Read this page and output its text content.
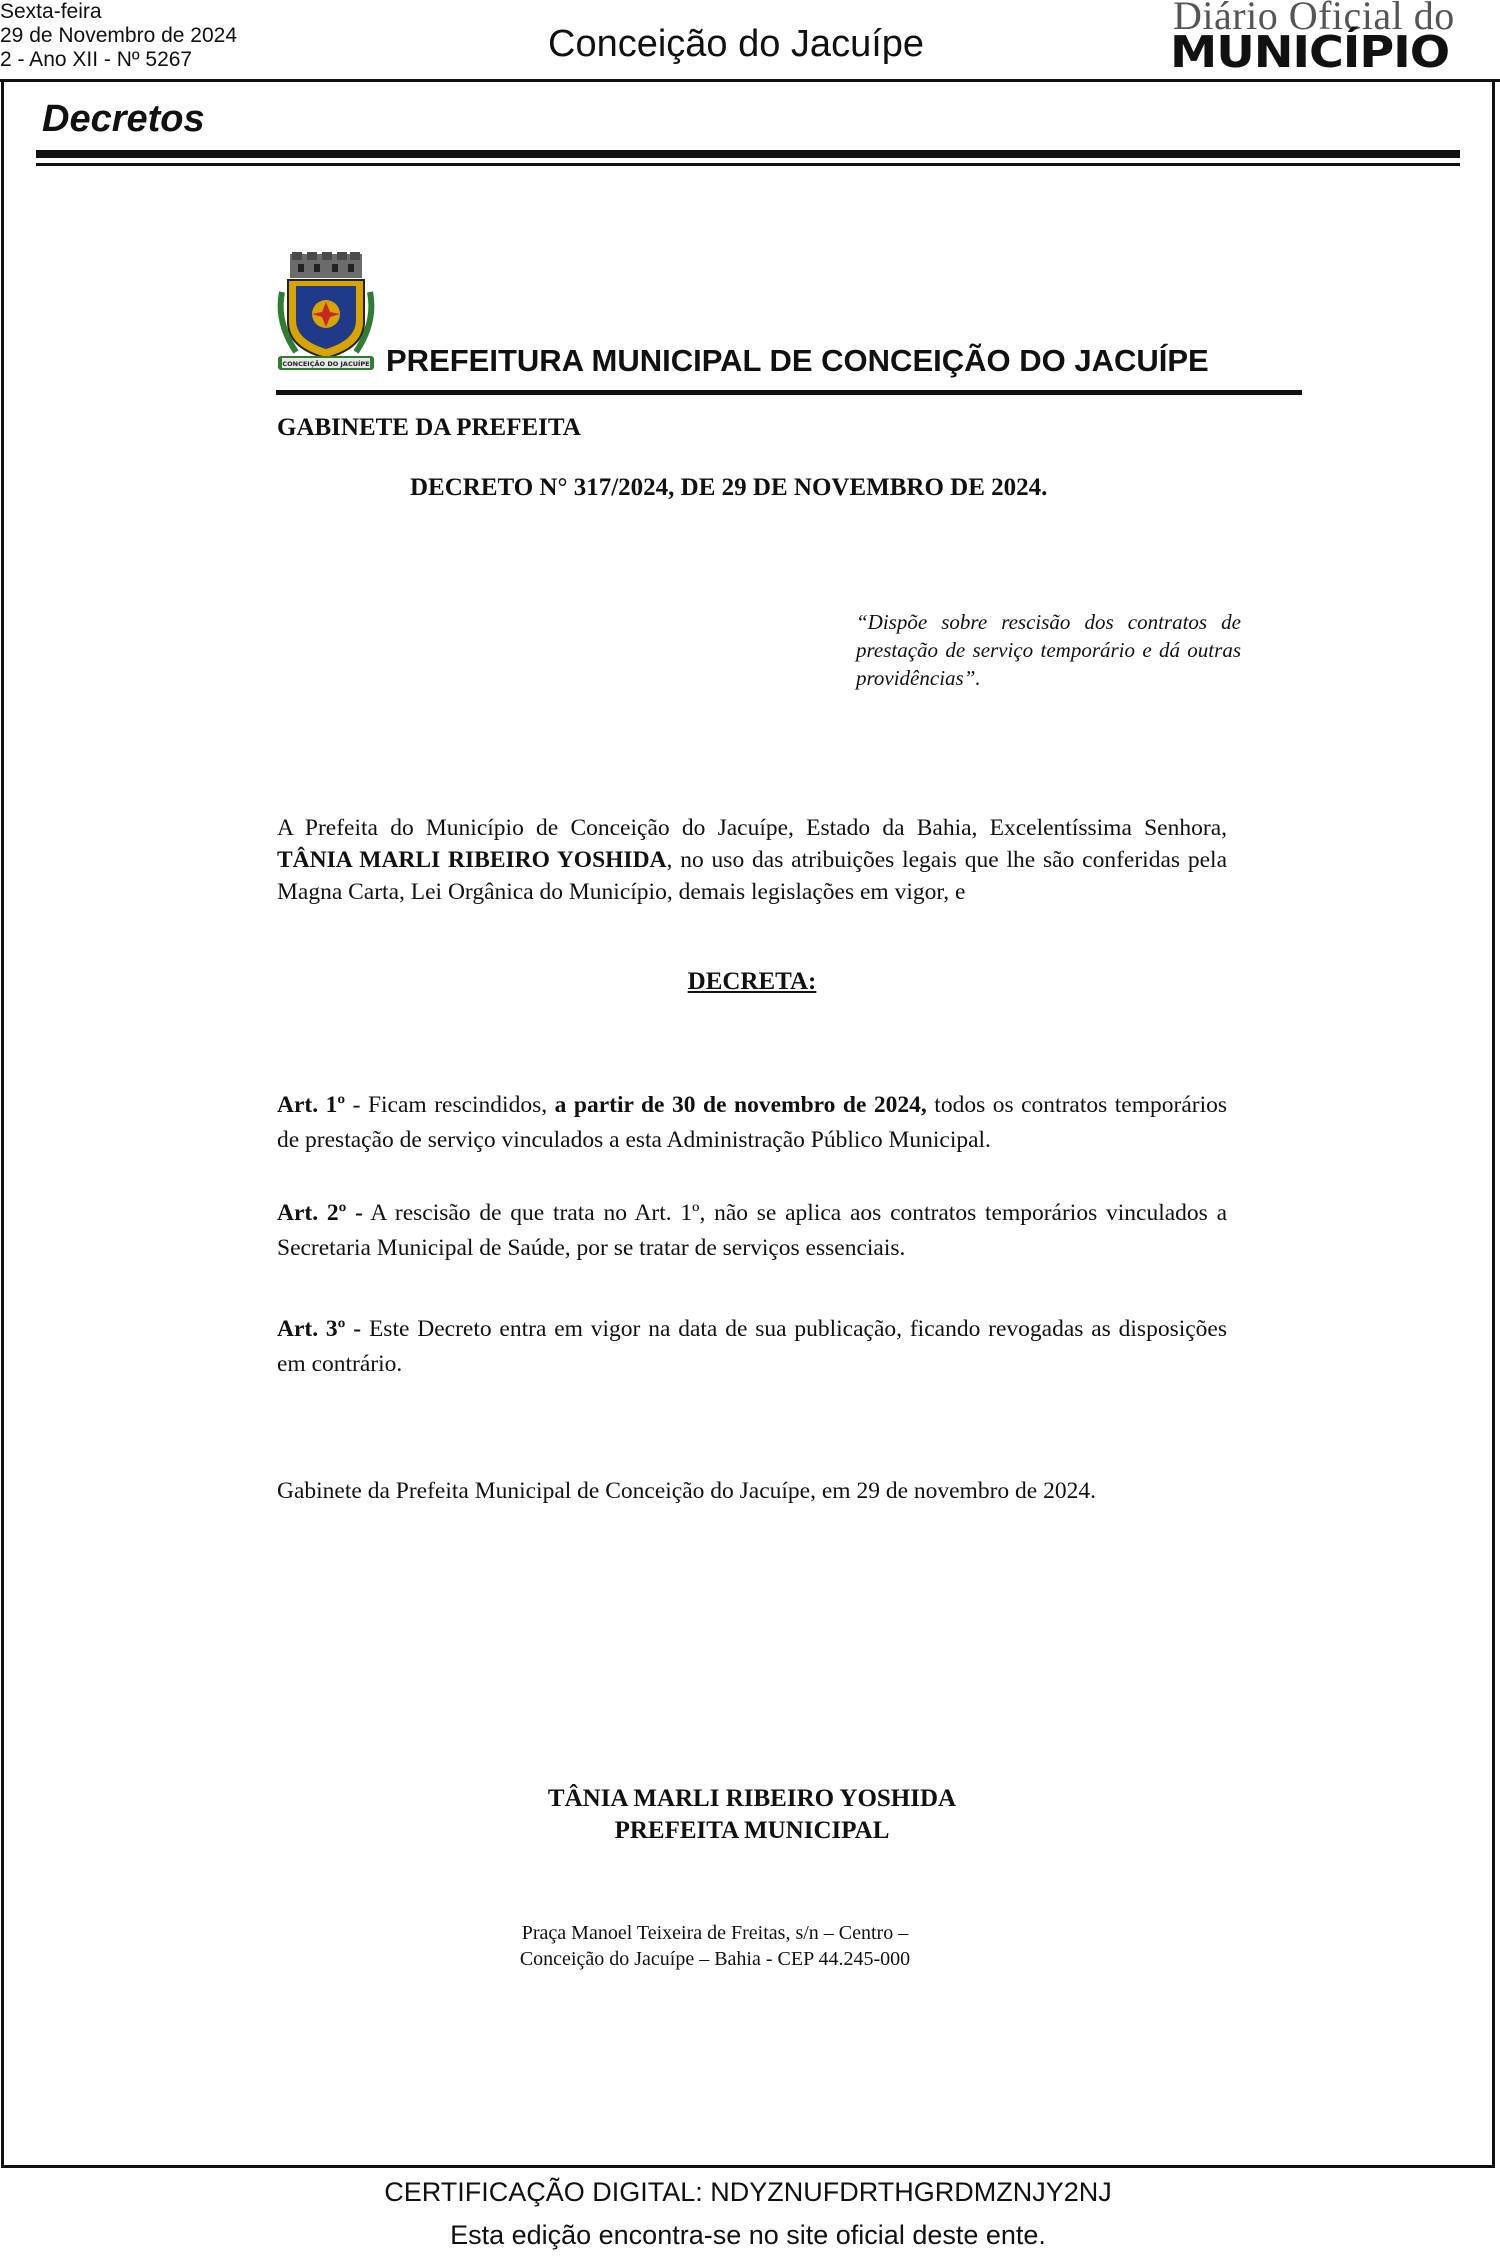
Sexta-feira
29 de Novembro de 2024
2 - Ano XII - Nº 5267	Conceição do Jacuípe
Diário Oficial do
MUNICÍPIO
Decretos
CONCEIÇÃO DO JACUÍPE PREFEITURA MUNICIPAL DE CONCEIÇÃO DO JACUÍPE
GABINETE DA PREFEITA
DECRETO N° 317/2024, DE 29 DE NOVEMBRO DE 2024.
“Dispõe sobre rescisão dos contratos de prestação de serviço temporário e dá outras providências”.
A Prefeita do Município de Conceição do Jacuípe, Estado da Bahia, Excelentíssima Senhora, TÂNIA MARLI RIBEIRO YOSHIDA, no uso das atribuições legais que lhe são conferidas pela Magna Carta, Lei Orgânica do Município, demais legislações em vigor, e
DECRETA:
Art. 1º - Ficam rescindidos, a partir de 30 de novembro de 2024, todos os contratos temporários de prestação de serviço vinculados a esta Administração Público Municipal.
Art. 2º - A rescisão de que trata no Art. 1º, não se aplica aos contratos temporários vinculados a Secretaria Municipal de Saúde, por se tratar de serviços essenciais.
Art. 3º - Este Decreto entra em vigor na data de sua publicação, ficando revogadas as disposições em contrário.
Gabinete da Prefeita Municipal de Conceição do Jacuípe, em 29 de novembro de 2024.
TÂNIA MARLI RIBEIRO YOSHIDA
PREFEITA MUNICIPAL
Praça Manoel Teixeira de Freitas, s/n – Centro –
Conceição do Jacuípe – Bahia - CEP 44.245-000
CERTIFICAÇÃO DIGITAL: NDYZNUFDRTHGRDMZNJY2NJ
Esta edição encontra-se no site oficial deste ente.
